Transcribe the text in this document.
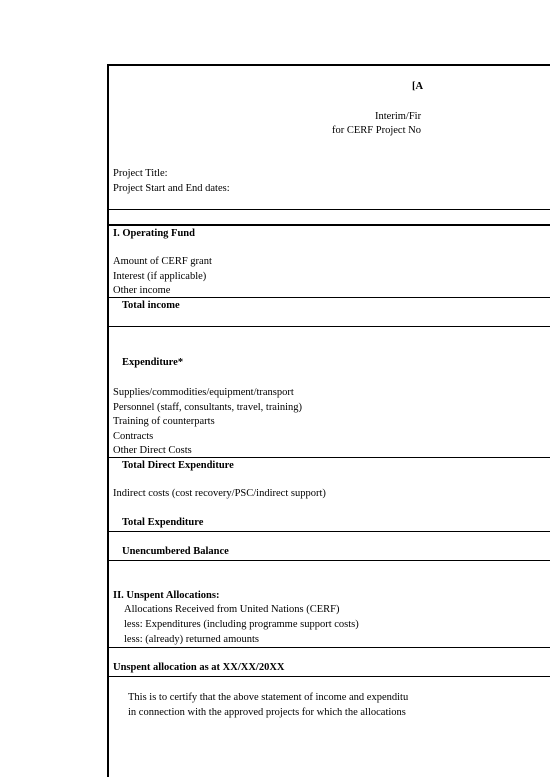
[A
Interim/Fir
for CERF Project No
Project Title:
Project Start and End dates:
I. Operating Fund
Amount of CERF grant
Interest (if applicable)
Other income
Total income
Expenditure*
Supplies/commodities/equipment/transport
Personnel (staff, consultants, travel, training)
Training of counterparts
Contracts
Other Direct Costs
Total Direct Expenditure
Indirect costs (cost recovery/PSC/indirect support)
Total Expenditure
Unencumbered Balance
II. Unspent Allocations:
Allocations Received from United Nations (CERF)
less: Expenditures (including programme support costs)
less: (already) returned amounts
Unspent allocation as at XX/XX/20XX
This is to certify that the above statement of income and expenditu
in connection with the approved projects for which the allocations
